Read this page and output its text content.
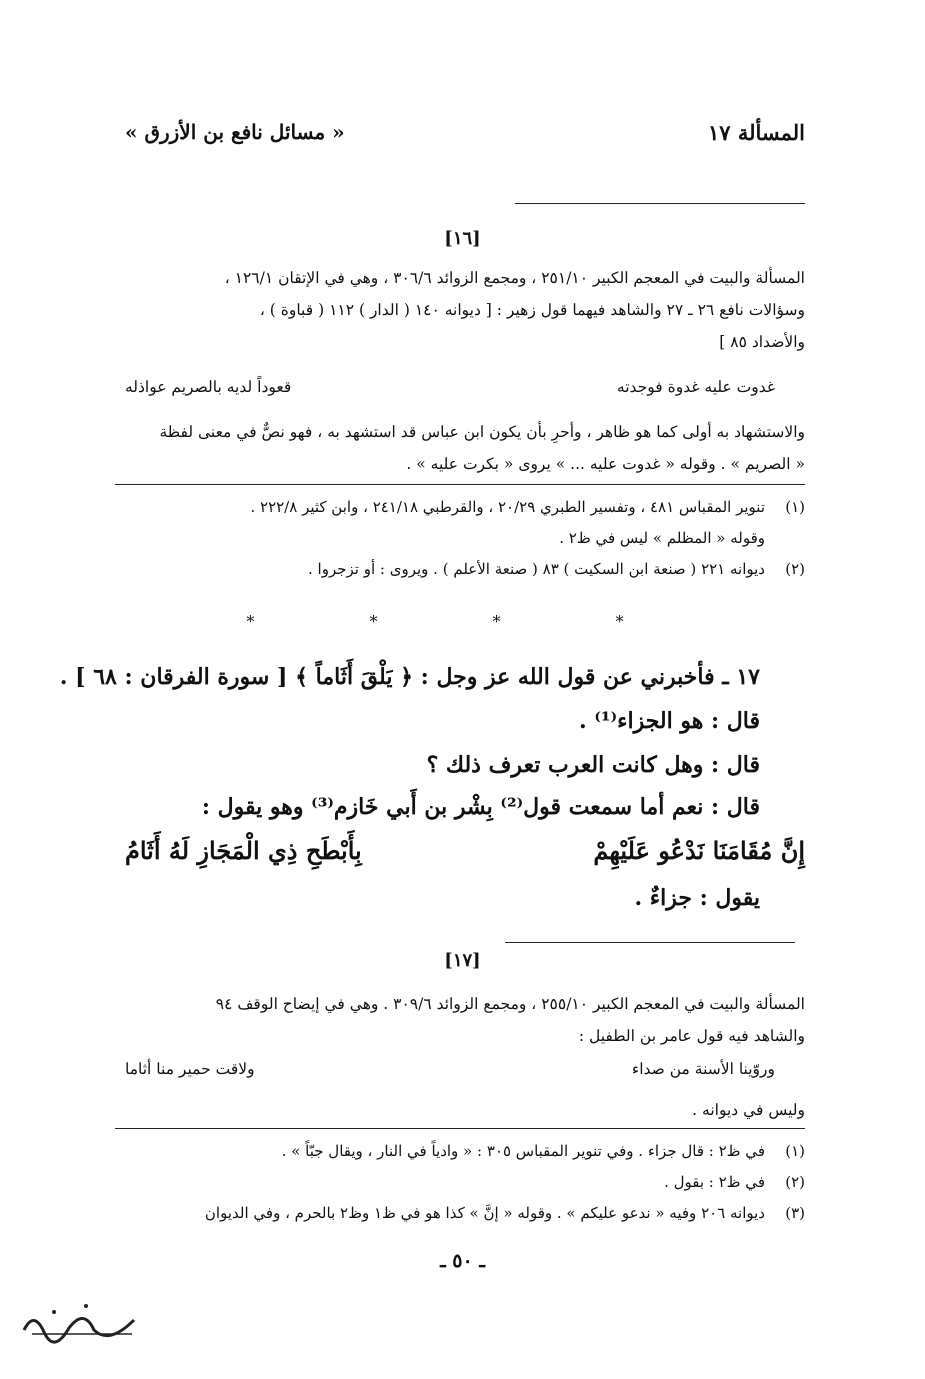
المسألة ١٧
« مسائل نافع بن الأزرق »
[١٦]
المسألة والبيت في المعجم الكبير ٢٥١/١٠ ، ومجمع الزوائد ٣٠٦/٦ ، وهي في الإتقان ١٢٦/١ ،
وسؤالات نافع ٢٦ ـ ٢٧ والشاهد فيهما قول زهير : [ ديوانه ١٤٠ ( الدار ) ١١٢ ( قباوة ) ،
والأضداد ٨٥ ]
غدوت عليه غدوة فوجدته
قعوداً لديه بالصريم عواذله
والاستشهاد به أولى كما هو ظاهر ، وأحرِ بأن يكون ابن عباس قد استشهد به ، فهو نصٌّ في معنى لفظة
« الصريم » . وقوله « غدوت عليه ... » يروى « بكرت عليه » .
(١)تنوير المقباس ٤٨١ ، وتفسير الطبري ٢٠/٢٩ ، والقرطبي ٢٤١/١٨ ، وابن كثير ٢٢٢/٨ .
وقوله « المظلم » ليس في ظ٢ .
(٢)ديوانه ٢٢١ ( صنعة ابن السكيت ) ٨٣ ( صنعة الأعلم ) . ويروى : أو تزجروا .
* * * *
١٧ ـ فأخبرني عن قول الله عز وجل : ﴿ يَلْقَ أَثَاماً ﴾ [ سورة الفرقان : ٦٨ ] .
قال : هو الجزاء⁽¹⁾ .
قال : وهل كانت العرب تعرف ذلك ؟
قال : نعم أما سمعت قول⁽²⁾ بِشْر بن أَبي خَازم⁽³⁾ وهو يقول :
إِنَّ مُقَامَنَا نَدْعُو عَلَيْهِمْ
بِأَبْطَحِ ذِي الْمَجَازِ لَهُ أَثَامُ
يقول : جزاءٌ .
[١٧]
المسألة والبيت في المعجم الكبير ٢٥٥/١٠ ، ومجمع الزوائد ٣٠٩/٦ . وهي في إيضاح الوقف ٩٤
والشاهد فيه قول عامر بن الطفيل :
وروّينا الأسنة من صداء
ولاقت حمير منا أثاما
وليس في ديوانه .
(١)في ظ٢ : قال جزاء . وفي تنوير المقباس ٣٠٥ : « وادياً في النار ، ويقال جبّاً » .
(٢)في ظ٢ : بقول .
(٣)ديوانه ٢٠٦ وفيه « ندعو عليكم » . وقوله « إنَّ » كذا هو في ظ١ وظ٢ بالحرم ، وفي الديوان
ـ ٥٠ ـ
